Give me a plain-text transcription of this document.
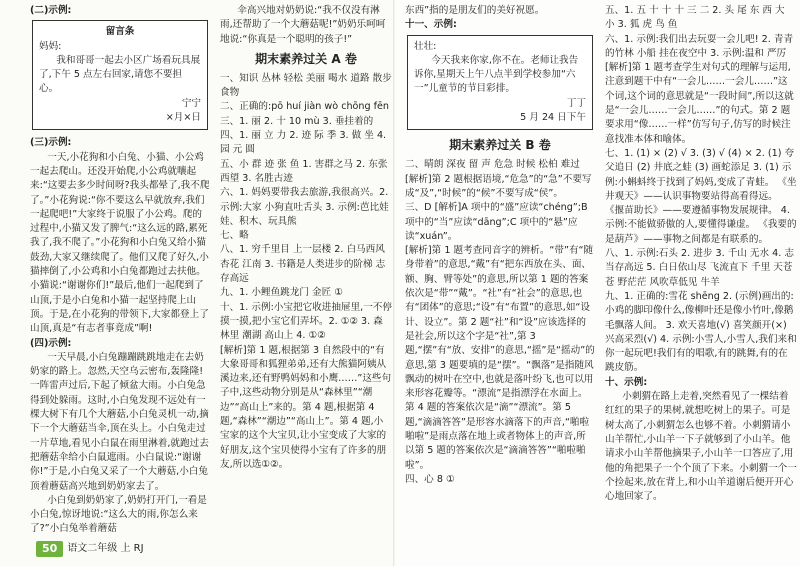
(二)示例:
留言条
妈妈:
我和哥哥一起去小区广场看玩具展了,下午 5 点左右回家,请您不要担心。
宁宁
×月×日
(三)示例:
一天,小花狗和小白兔、小猫、小公鸡一起去爬山。还没开始爬,小公鸡就嚷起来:“这要去多少时间呀?我头都晕了,我不爬了。”小花狗说:“你不要这么早就放弃,我们一起爬吧!”大家终于说服了小公鸡。爬的过程中,小猫又发了脾气:“这么远的路,累死我了,我不爬了。”小花狗和小白兔又给小猫鼓劲,大家又继续爬了。他们又爬了好久,小猫摔倒了,小公鸡和小白兔都跑过去扶他。小猫说:“谢谢你们!”最后,他们一起爬到了山顶,于是小白兔和小猫一起坚持爬上山顶。于是,在小花狗的带领下,大家都登上了山顶,真是“有志者事竟成”啊!
(四)示例:
一天早晨,小白兔蹦蹦跳跳地走在去奶奶家的路上。忽然,天空乌云密布,轰隆隆!一阵雷声过后,下起了倾盆大雨。小白兔急得到处躲雨。这时,小白兔发现不远处有一棵大树下有几个大蘑菇,小白兔灵机一动,摘下一个大蘑菇当伞,顶在头上。小白兔走过一片草地,看见小白鼠在雨里淋着,就跑过去把蘑菇伞给小白鼠遮雨。小白鼠说:“谢谢你!”于是,小白兔又采了一个大蘑菇,小白兔顶着蘑菇高兴地到奶奶家去了。
小白兔到奶奶家了,奶奶打开门,一看是小白兔,惊讶地说:“这么大的雨,你怎么来了?”小白兔举着蘑菇
伞高兴地对奶奶说:“我不仅没有淋雨,还帮助了一个大蘑菇呢!”奶奶乐呵呵地说:“你真是一个聪明的孩子!”
期末素养过关 A 卷
一、知识 丛林 轻松 美丽 喝水 道路 散步 食物
二、正确的:pō huí jiàn wò chōng fēn
三、1. 丽 2. 十 10 mù 3. 垂挂着的
四、1. 丽 立 力 2. 迹 际 季 3. 做 坐 4. 园 元 圆
五、小 群 迹 张 鱼 1. 害群之马 2. 东张西望 3. 名胜古迹
六、1. 妈妈要带我去旅游,我很高兴。2. 示例:大家 小狗直吐舌头 3. 示例:芭比娃娃、积木、玩具熊
七、略
八、1. 穷千里目 上一层楼 2. 白马西风 杏花 江南 3. 书籍是人类进步的阶梯 志存高远
九、1. 小鲤鱼跳龙门 金匠 ①
十、1. 示例:小宝把它收进抽屉里,一不停摸一摸,把小宝它们弄坏。2. ①② 3. 森林里 潮湖 高山上 4. ①②
[解析]第 1 题,根据第 3 自然段中的“有大象哥哥和狐狸弟弟,还有大熊猫阿姨从溪边来,还有野鸭妈妈和小鹰……”这些句子中,这些动物分别是从“森林里”“潮边”“高山上”来的。第 4 题,根据第 4 题,“森林”“潮边”“高山上”。第 4 题,小宝家的这个大宝贝,让小宝变成了大家的好朋友,这个宝贝使得小宝有了许多的朋友,所以选①②。
50	语文二年级 上 RJ
东西”指的是朋友们的美好祝愿。
十一、示例:
壮壮:
今天我来你家,你不在。老师让我告诉你,星期天上午八点半到学校参加“六一”儿童节的节目彩排。
丁丁
5 月 24 日下午
期末素养过关 B 卷
二、晴朗 深夜 留 声 危急 时候 松柏 难过 [解析]第 2 题根据语境,“危急”的“急”不要写成“及”,“时候”的“候”不要写成“侯”。
三、D [解析]A 项中的“盛”应读“chéng”;B 项中的“当”应读“dāng”;C 项中的“悬”应读“xuán”。
[解析]第 1 题考查同音字的辨析。“带”有“随身带着”的意思,“戴”有“把东西放在头、面、额、胸、臂等处”的意思,所以第 1 题的答案依次是“带”“戴”。“社”有“社会”的意思,也有“团体”的意思;“设”有“布置”的意思,如“设计、设立”。第 2 题“社”和“设”应该选择的是社会,所以这个字是“社”,第 3 题,“摆”有“放、安排”的意思,“摇”是“摇动”的意思,第 3 题要填的是“摆”。“飘落”是指随风飘动的树叶在空中,也就是落叶纷飞,也可以用来形容花瓣等。“漂流”是指漂浮在水面上。第 4 题的答案依次是“滴”“漂流”。第 5 题,“滴滴答答”是形容水滴落下的声音,“啪啦啪啦”是雨点落在地上或者物体上的声音,所以第 5 题的答案依次是“滴滴答答”“啪啦啪啦”。
四、心 8 ①
五、1. 五 十 十 十 三 二 2. 头 尾 东 西 大 小 3. 狐 虎 鸟 鱼
六、1. 示例:我们出去玩耍一会儿吧! 2. 青青的竹林 小船 挂在夜空中 3. 示例:温和 严厉 [解析]第 1 题考查学生对句式的理解与运用,注意到题干中有“一会儿……一会儿……”这个词,这个词的意思就是“一段时间”,所以这就是“一会儿……一会儿……”的句式。第 2 题要求用“像……一样”仿写句子,仿写的时候注意找准本体和喻体。
七、1. (1) × (2) √ 3. (3) √ (4) × 2. (1) 夸父追日 (2) 井底之蛙 (3) 画蛇添足 3. (1) 示例:小蝌蚪终于找到了妈妈,变成了青蛙。 《坐井观天》——认识事物要站得高看得远。 《揠苗助长》——要遵循事物发展规律。 4. 示例:不能做骄傲的人,要懂得谦虚。 《我要的是葫芦》——事物之间都是有联系的。
八、1. 示例:石头 2. 进步 3. 千山 无水 4. 志当存高远 5. 白日依山尽 飞流直下 千里 天苍苍 野茫茫 风吹草低见 牛羊
九、1. 正确的:雪花 shēng 2. (示例)画出的:小鸡的脚印像什么,像柳叶还是像小竹叶,像鹅毛飘落人间。 3. 欢天喜地(√) 喜笑颜开(×) 兴高采烈(√) 4. 示例:小雪人,小雪人,我们来和你一起玩吧!我们有的唱歌,有的跳舞,有的在跳皮筋。
十、示例:
小刺猬在路上走着,突然看见了一棵结着红红的果子的果树,就想吃树上的果子。可是树太高了,小刺猬怎么也够不着。小刺猬请小山羊帮忙,小山羊一下子就够到了小山羊。他请求小山羊帮他摘果子,小山羊一口答应了,用他的角把果子一个个顶了下来。小刺猬一个一个捡起来,放在背上,和小山羊道谢后便开开心心地回家了。
